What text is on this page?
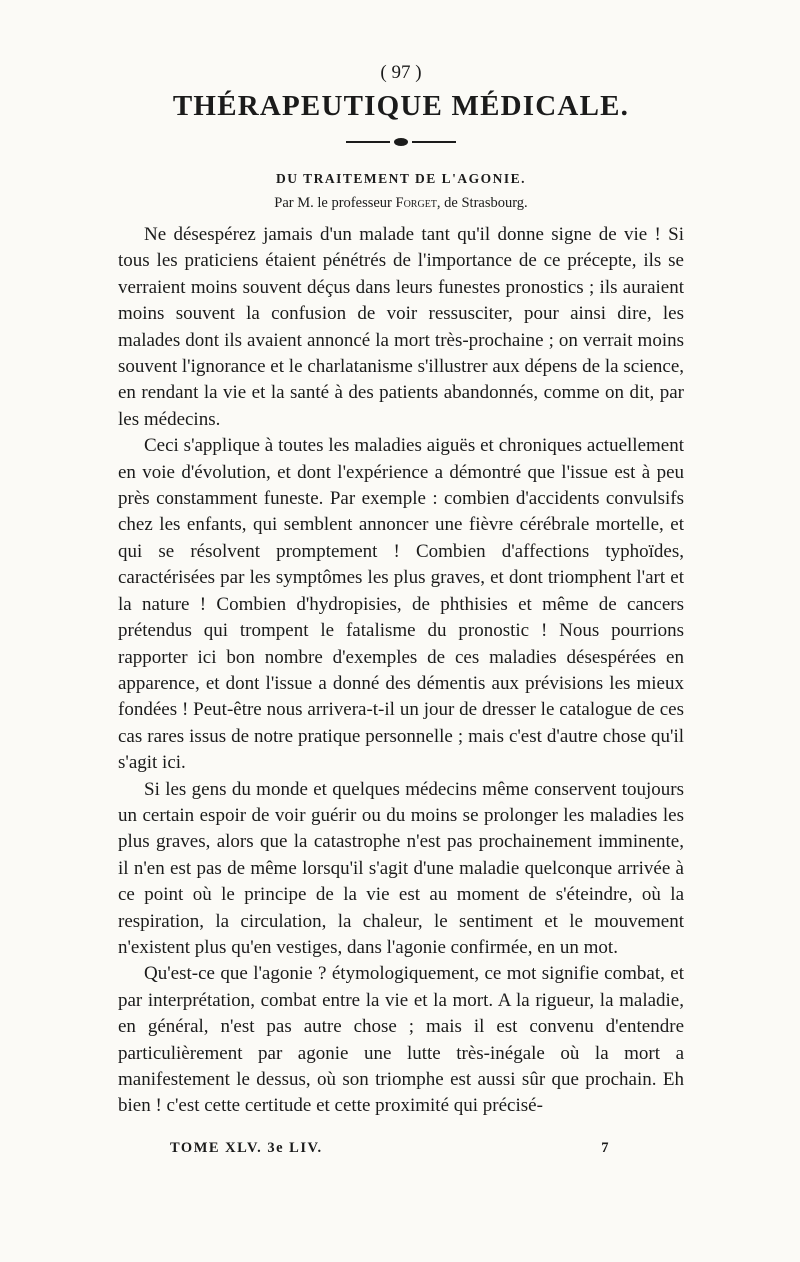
( 97 )
THÉRAPEUTIQUE MÉDICALE.
DU TRAITEMENT DE L'AGONIE.
Par M. le professeur Forget, de Strasbourg.

Ne désespérez jamais d'un malade tant qu'il donne signe de vie ! Si tous les praticiens étaient pénétrés de l'importance de ce précepte, ils se verraient moins souvent déçus dans leurs funestes pronostics ; ils auraient moins souvent la confusion de voir ressusciter, pour ainsi dire, les malades dont ils avaient annoncé la mort très-prochaine ; on verrait moins souvent l'ignorance et le charlatanisme s'illustrer aux dépens de la science, en rendant la vie et la santé à des patients abandonnés, comme on dit, par les médecins.

Ceci s'applique à toutes les maladies aiguës et chroniques actuellement en voie d'évolution, et dont l'expérience a démontré que l'issue est à peu près constamment funeste. Par exemple : combien d'accidents convulsifs chez les enfants, qui semblent annoncer une fièvre cérébrale mortelle, et qui se résolvent promptement ! Combien d'affections typhoïdes, caractérisées par les symptômes les plus graves, et dont triomphent l'art et la nature ! Combien d'hydropisies, de phthisies et même de cancers prétendus qui trompent le fatalisme du pronostic ! Nous pourrions rapporter ici bon nombre d'exemples de ces maladies désespérées en apparence, et dont l'issue a donné des démentis aux prévisions les mieux fondées ! Peut-être nous arrivera-t-il un jour de dresser le catalogue de ces cas rares issus de notre pratique personnelle ; mais c'est d'autre chose qu'il s'agit ici.

Si les gens du monde et quelques médecins même conservent toujours un certain espoir de voir guérir ou du moins se prolonger les maladies les plus graves, alors que la catastrophe n'est pas prochainement imminente, il n'en est pas de même lorsqu'il s'agit d'une maladie quelconque arrivée à ce point où le principe de la vie est au moment de s'éteindre, où la respiration, la circulation, la chaleur, le sentiment et le mouvement n'existent plus qu'en vestiges, dans l'agonie confirmée, en un mot.

Qu'est-ce que l'agonie ? étymologiquement, ce mot signifie combat, et par interprétation, combat entre la vie et la mort. A la rigueur, la maladie, en général, n'est pas autre chose ; mais il est convenu d'entendre particulièrement par agonie une lutte très-inégale où la mort a manifestement le dessus, où son triomphe est aussi sûr que prochain. Eh bien ! c'est cette certitude et cette proximité qui précisé-

TOME XLV. 3e LIV.	7
